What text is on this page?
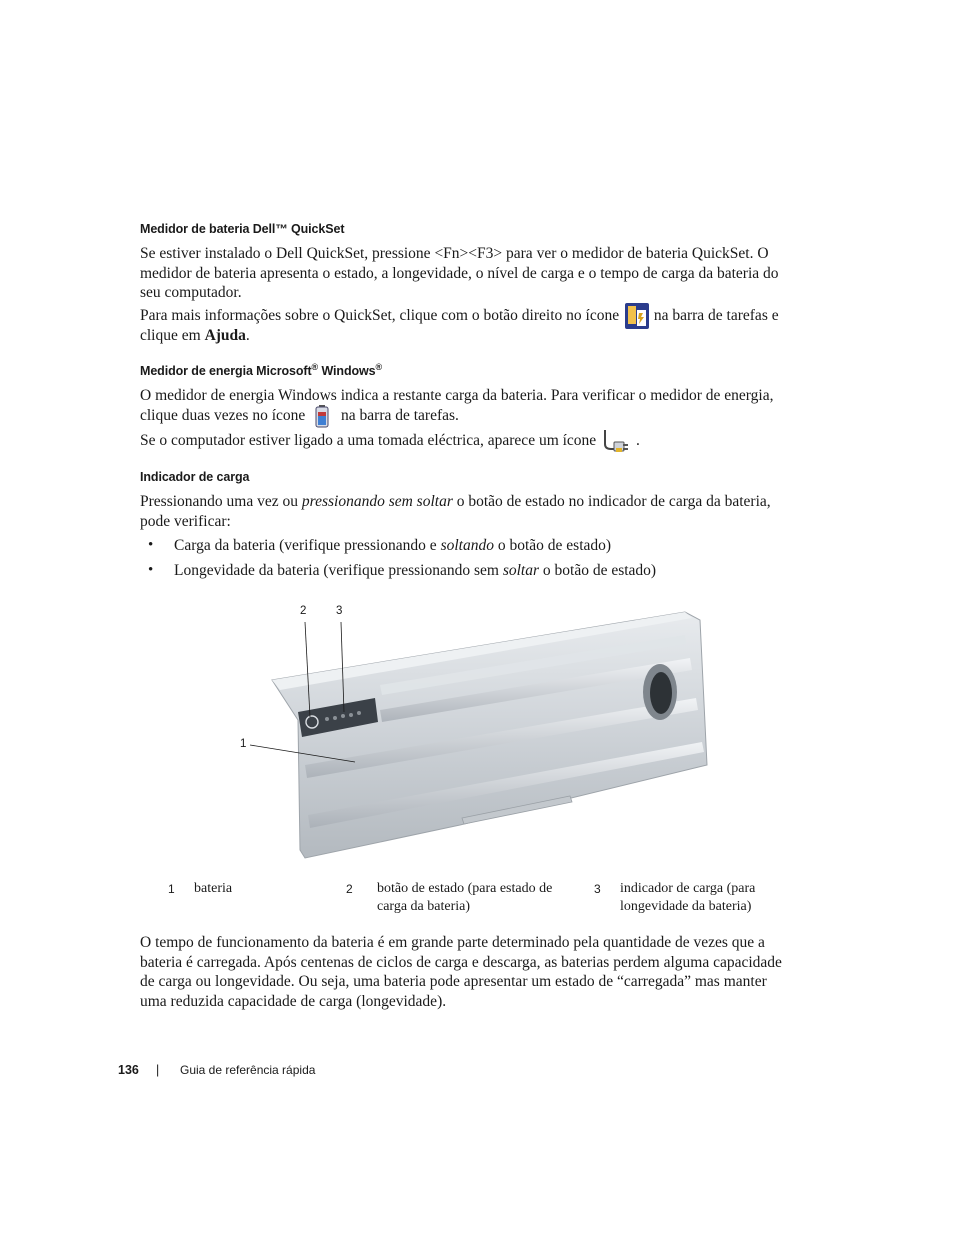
Medidor de bateria Dell™ QuickSet
Se estiver instalado o Dell QuickSet, pressione <Fn><F3> para ver o medidor de bateria QuickSet. O
medidor de bateria apresenta o estado, a longevidade, o nível de carga e o tempo de carga da bateria do
seu computador.
Para mais informações sobre o QuickSet, clique com o botão direito no ícone na barra de tarefas e
clique em Ajuda.
Medidor de energia Microsoft® Windows®
O medidor de energia Windows indica a restante carga da bateria. Para verificar o medidor de energia,
clique duas vezes no ícone na barra de tarefas.
Se o computador estiver ligado a uma tomada eléctrica, aparece um ícone	.
Indicador de carga
Pressionando uma vez ou pressionando sem soltar o botão de estado no indicador de carga da bateria,
pode verificar:
• Carga da bateria (verifique pressionando e soltando o botão de estado)
• Longevidade da bateria (verifique pressionando sem soltar o botão de estado)
2	3
1
1 bateria	2 botão de estado (para estado de
carga da bateria)
3 indicador de carga (para
longevidade da bateria)
O tempo de funcionamento da bateria é em grande parte determinado pela quantidade de vezes que a
bateria é carregada. Após centenas de ciclos de carga e descarga, as baterias perdem alguma capacidade
de carga ou longevidade. Ou seja, uma bateria pode apresentar um estado de “carregada” mas manter
uma reduzida capacidade de carga (longevidade).
136 | Guia de referência rápida
